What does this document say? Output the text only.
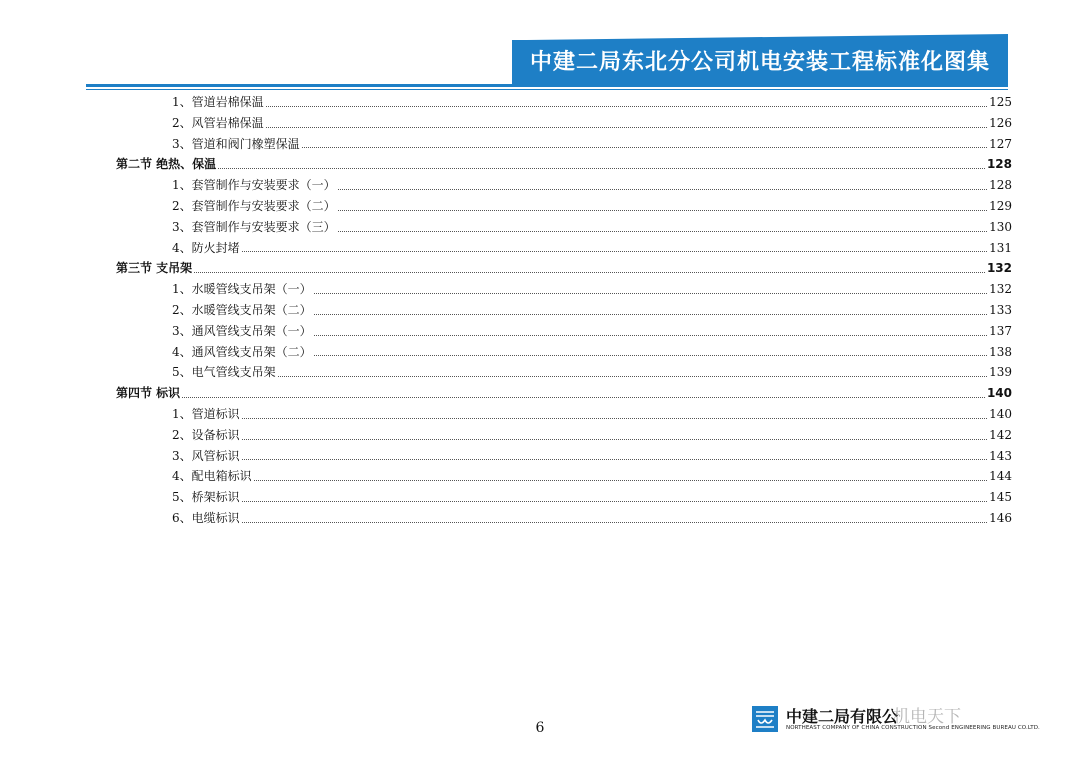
中建二局东北分公司机电安装工程标准化图集
1、管道岩棉保温	125
2、风管岩棉保温	126
3、管道和阀门橡塑保温	127
第二节 绝热、保温	128
1、套管制作与安装要求（一）	128
2、套管制作与安装要求（二）	129
3、套管制作与安装要求（三）	130
4、防火封堵	131
第三节 支吊架	132
1、水暖管线支吊架（一）	132
2、水暖管线支吊架（二）	133
3、通风管线支吊架（一）	137
4、通风管线支吊架（二）	138
5、电气管线支吊架	139
第四节 标识	140
1、管道标识	140
2、设备标识	142
3、风管标识	143
4、配电箱标识	144
5、桥架标识	145
6、电缆标识	146
6
中建二局有限公
NORTHEAST COMPANY OF CHINA CONSTRUCTION Second ENGINEERING BUREAU CO.LTD.
机电天下
